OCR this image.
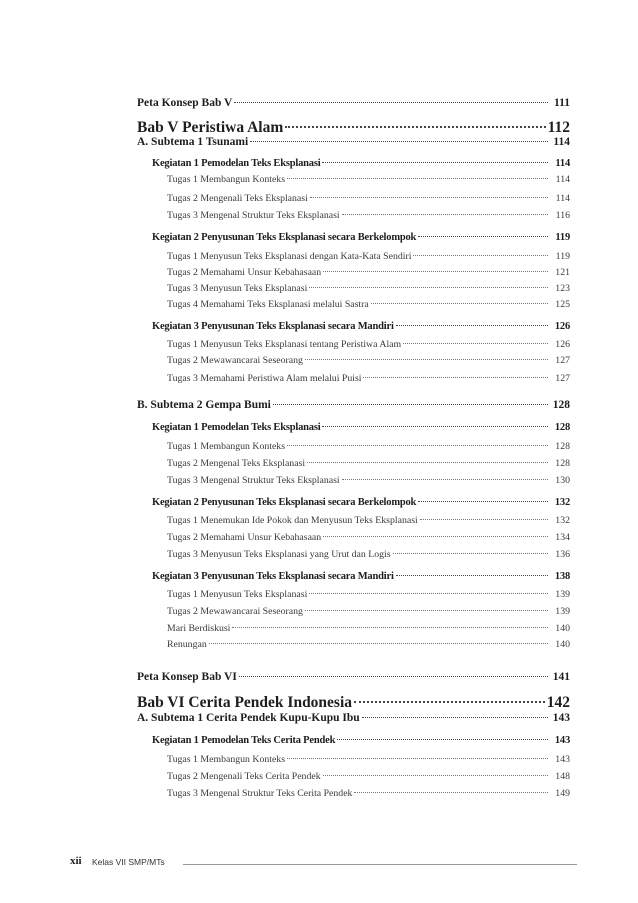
Peta Konsep Bab V	111
Bab V Peristiwa Alam	112
A. Subtema 1 Tsunami	114
Kegiatan 1 Pemodelan Teks Eksplanasi	114
Tugas 1 Membangun Konteks	114
Tugas 2 Mengenali Teks Eksplanasi	114
Tugas 3 Mengenal Struktur Teks Eksplanasi	116
Kegiatan 2 Penyusunan Teks Eksplanasi secara Berkelompok	119
Tugas 1 Menyusun Teks Eksplanasi dengan Kata-Kata Sendiri	119
Tugas 2 Memahami Unsur Kebahasaan	121
Tugas 3 Menyusun Teks Eksplanasi	123
Tugas 4 Memahami Teks Eksplanasi melalui Sastra	125
Kegiatan 3 Penyusunan Teks Eksplanasi secara Mandiri	126
Tugas 1 Menyusun Teks Eksplanasi tentang Peristiwa Alam	126
Tugas 2 Mewawancarai Seseorang	127
Tugas 3 Memahami Peristiwa Alam melalui Puisi	127
B. Subtema 2 Gempa Bumi	128
Kegiatan 1 Pemodelan Teks Eksplanasi	128
Tugas 1 Membangun Konteks	128
Tugas 2 Mengenal Teks Eksplanasi	128
Tugas 3 Mengenal Struktur Teks Eksplanasi	130
Kegiatan 2 Penyusunan Teks Eksplanasi secara Berkelompok	132
Tugas 1 Menemukan Ide Pokok dan Menyusun Teks Eksplanasi	132
Tugas 2 Memahami Unsur Kebahasaan	134
Tugas 3 Menyusun Teks Eksplanasi yang Urut dan Logis	136
Kegiatan 3 Penyusunan Teks Eksplanasi secara Mandiri	138
Tugas 1 Menyusun Teks Eksplanasi	139
Tugas 2 Mewawancarai Seseorang	139
Mari Berdiskusi	140
Renungan	140
Peta Konsep Bab VI	141
Bab VI Cerita Pendek Indonesia	142
A. Subtema 1 Cerita Pendek Kupu-Kupu Ibu	143
Kegiatan 1 Pemodelan Teks Cerita Pendek	143
Tugas 1 Membangun Konteks	143
Tugas 2 Mengenali Teks Cerita Pendek	148
Tugas 3 Mengenal Struktur Teks Cerita Pendek	149
xii Kelas VII SMP/MTs
